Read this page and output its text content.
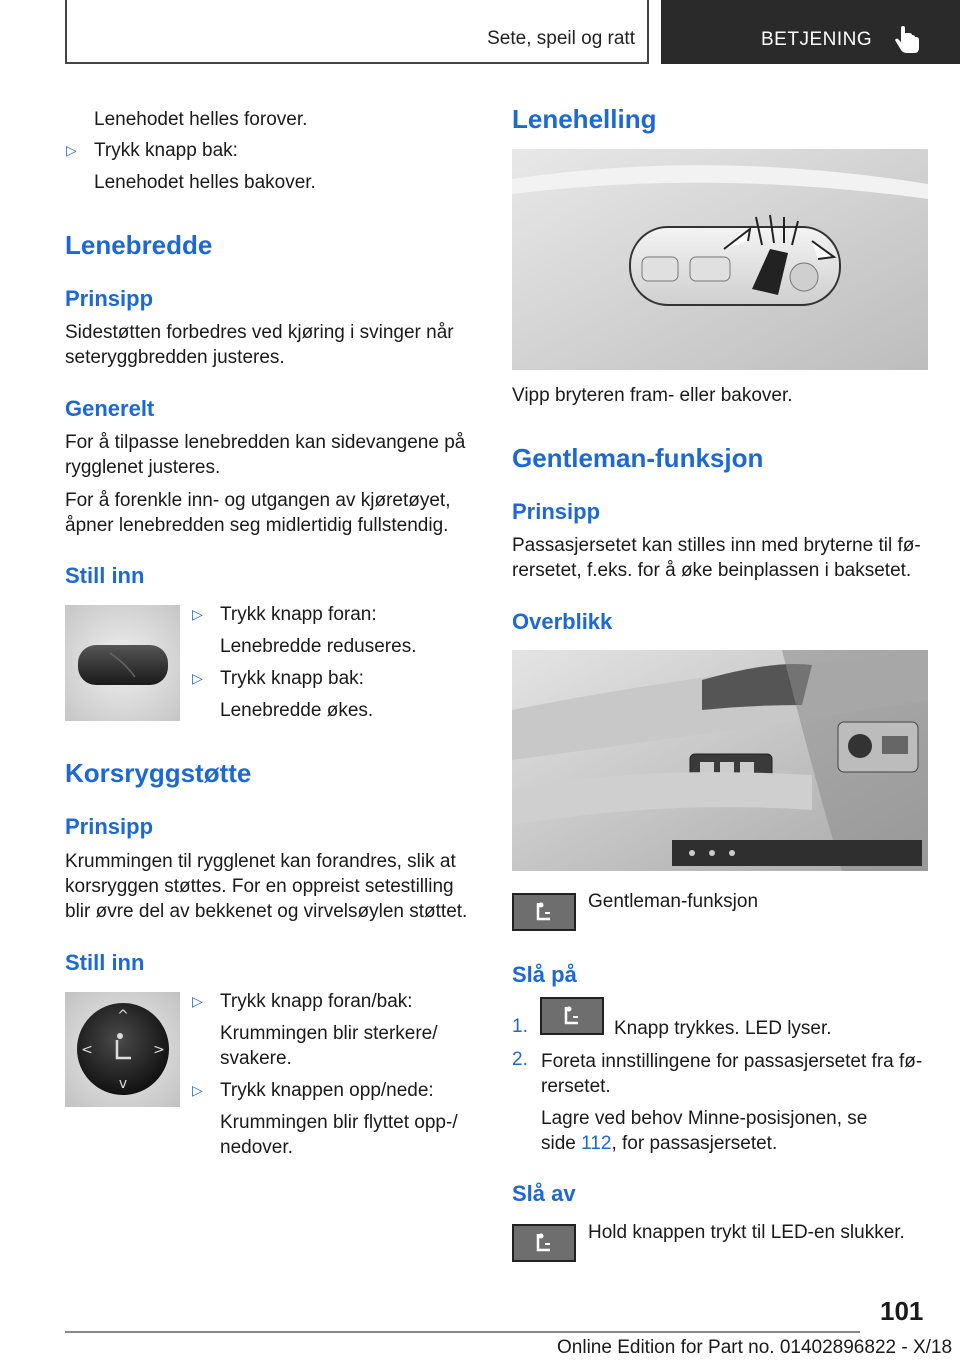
Sete, speil og ratt	BETJENING

Lenehodet helles forover.

▷ Trykk knapp bak:

Lenehodet helles bakover.

Lenebredde
Prinsipp

Sidestøtten forbedres ved kjøring i svinger når

seteryggbredden justeres.

Generelt

For å tilpasse lenebredden kan sidevangene på

rygglenet justeres.

For å forenkle inn- og utgangen av kjøretøyet,

åpner lenebredden seg midlertidig fullstendig.

Still inn
▷ Trykk knapp foran:

Lenebredde reduseres.

▷ Trykk knapp bak:

Lenebredde økes.

Korsryggstøtte
Prinsipp

Krummingen til rygglenet kan forandres, slik at

korsryggen støttes. For en oppreist setestilling

blir øvre del av bekkenet og virvelsøylen støttet.

Still inn
^
v
<	>
▷ Trykk knapp foran/bak:

Krummingen blir sterkere/

svakere.

▷ Trykk knappen opp/nede:

Krummingen blir flyttet opp-/

nedover.

Lenehelling

Vipp bryteren fram- eller bakover.

Gentleman-funksjon
Prinsipp

Passasjersetet kan stilles inn med bryterne til fø‐

rersetet, f.eks. for å øke beinplassen i baksetet.

Overblikk

Gentleman-funksjon

Slå på
1.	Knapp trykkes. LED lyser.

2. Foreta innstillingene for passasjersetet fra fø‐

rersetet.

Lagre ved behov Minne-posisjonen, se

side 112, for passasjersetet.

Slå av

Hold knappen trykt til LED-en slukker.

101
Online Edition for Part no. 01402896822 - X/18
